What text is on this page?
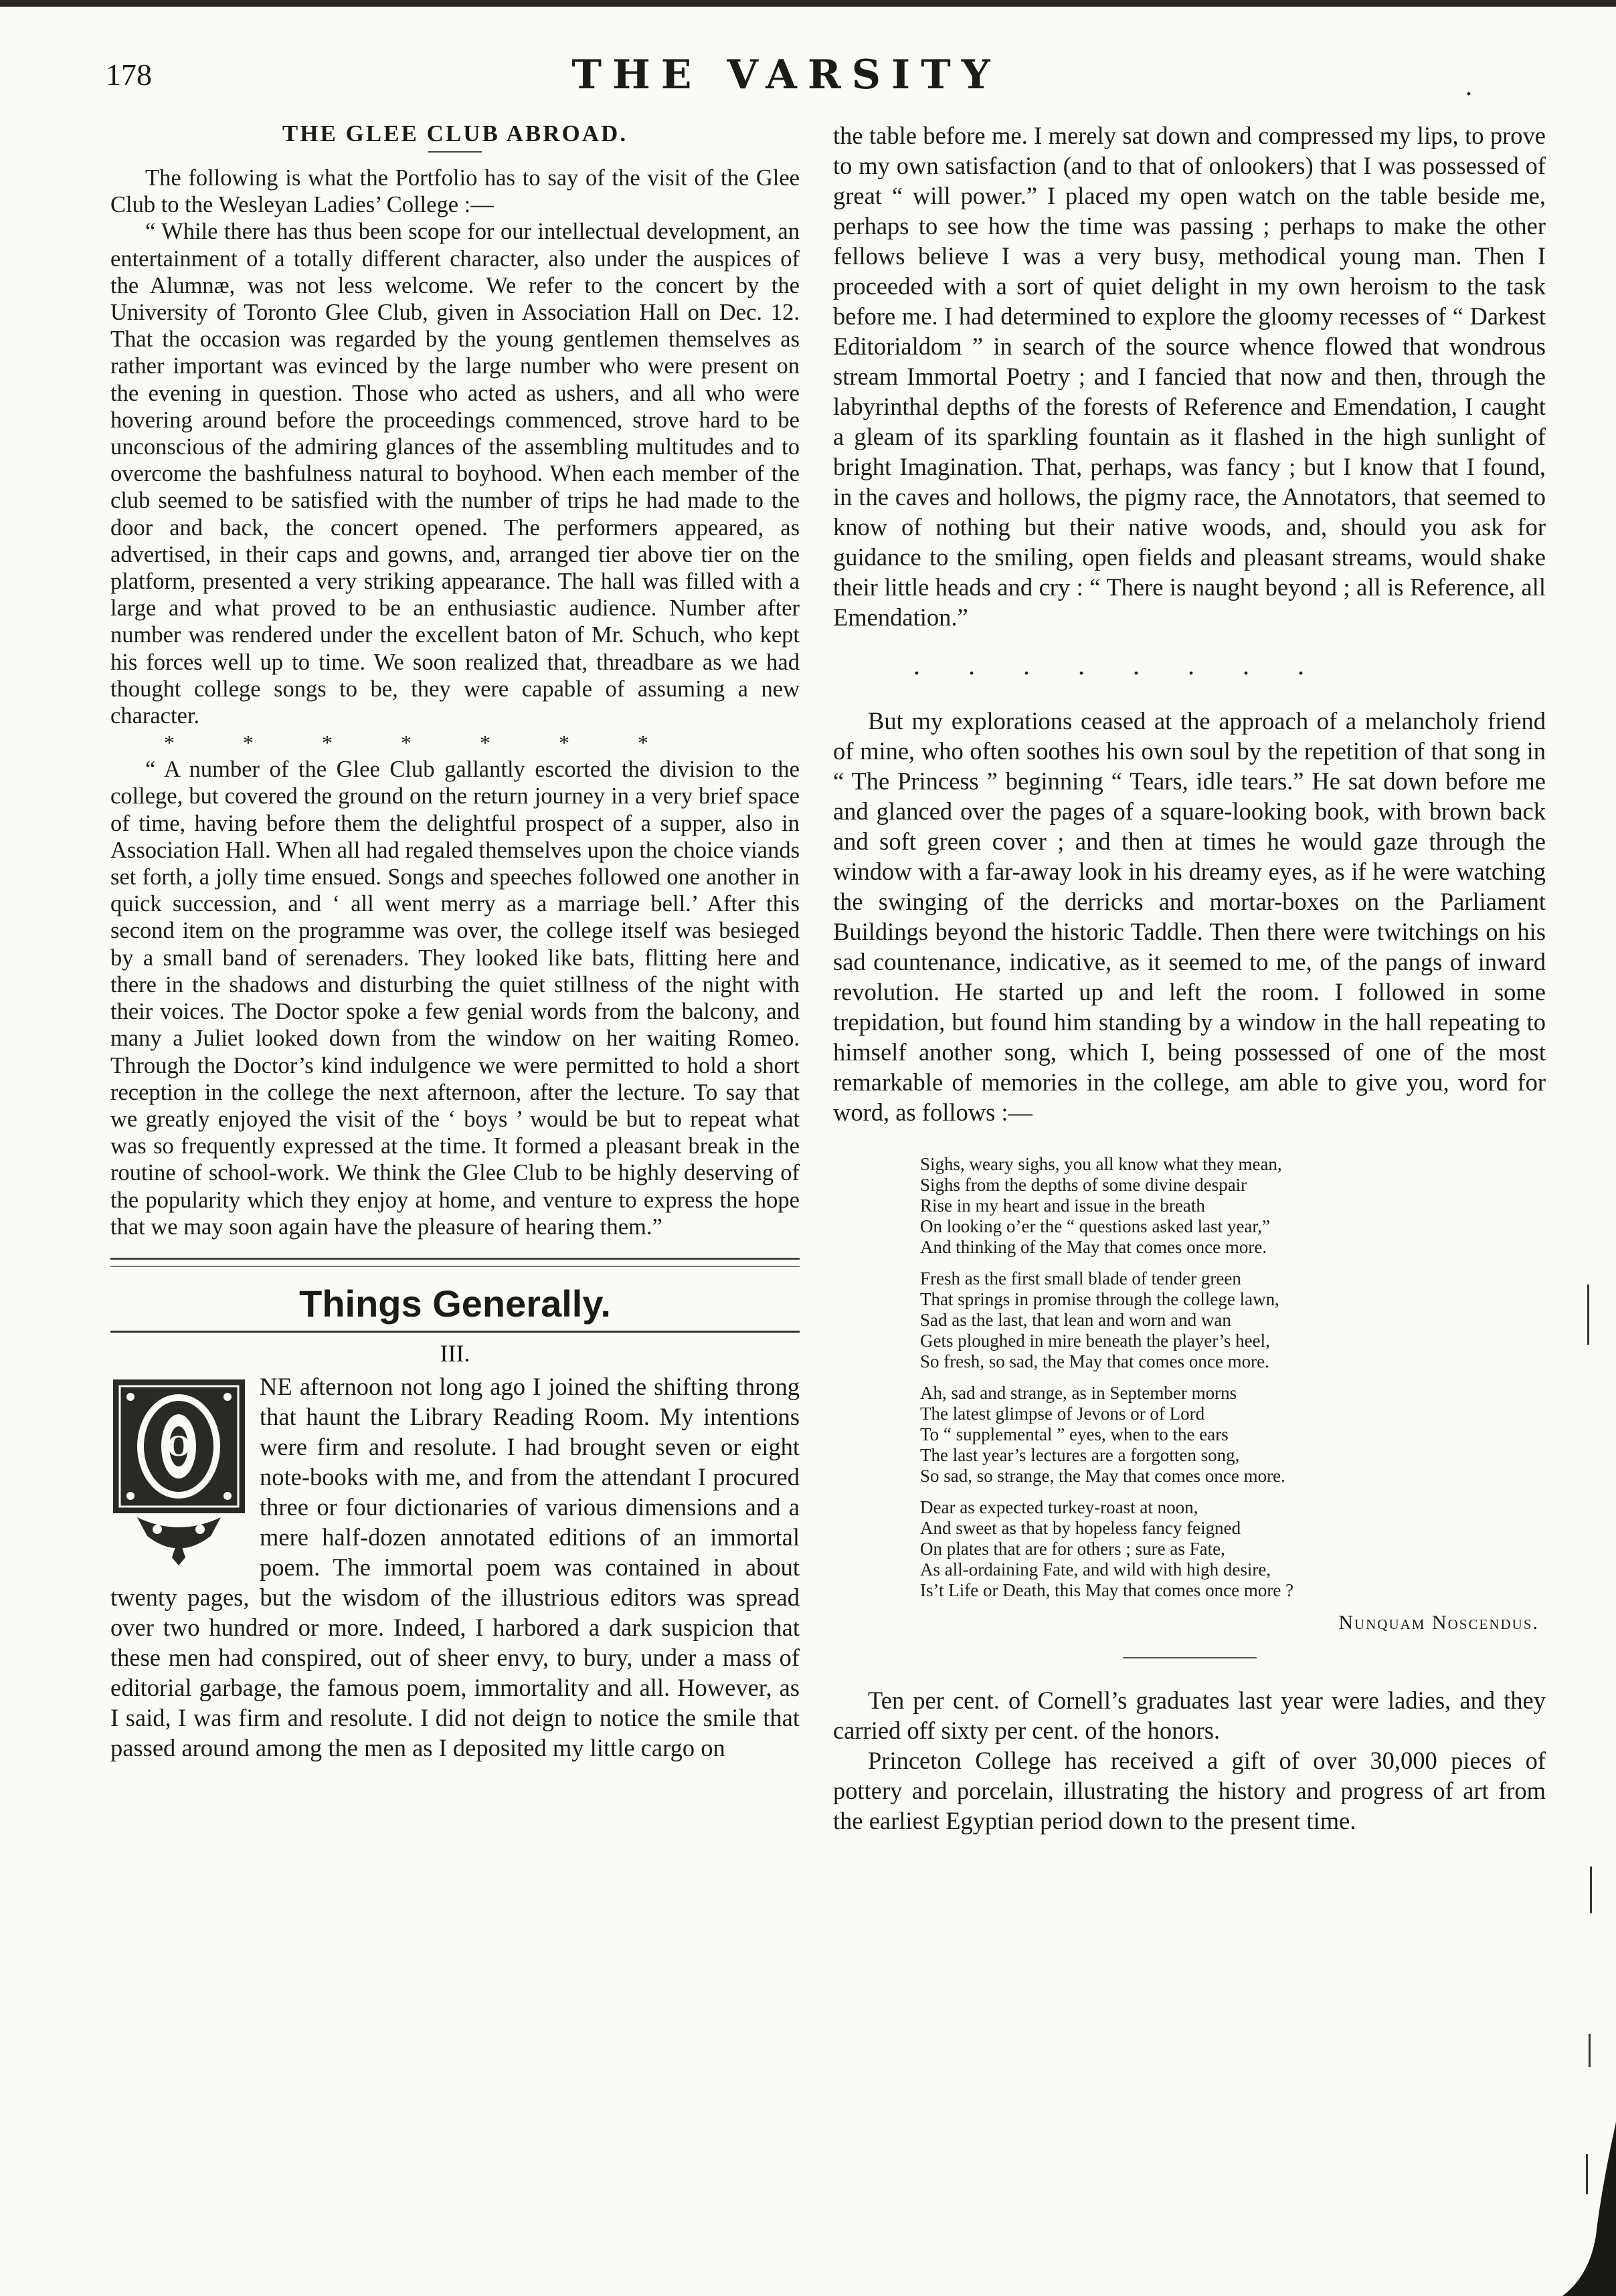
178	THE VARSITY	.
THE GLEE CLUB ABROAD.

The following is what the Portfolio has to say of the visit of the Glee Club to the Wesleyan Ladies’ College :—

“ While there has thus been scope for our intellectual development, an entertainment of a totally different character, also under the auspices of the Alumnæ, was not less welcome. We refer to the concert by the University of Toronto Glee Club, given in Association Hall on Dec. 12. That the occasion was regarded by the young gentlemen themselves as rather important was evinced by the large number who were present on the evening in question. Those who acted as ushers, and all who were hovering around before the proceedings commenced, strove hard to be unconscious of the admiring glances of the assembling multitudes and to overcome the bashfulness natural to boyhood. When each member of the club seemed to be satisfied with the number of trips he had made to the door and back, the concert opened. The performers appeared, as advertised, in their caps and gowns, and, arranged tier above tier on the platform, presented a very striking appearance. The hall was filled with a large and what proved to be an enthusiastic audience. Number after number was rendered under the excellent baton of Mr. Schuch, who kept his forces well up to time. We soon realized that, threadbare as we had thought college songs to be, they were capable of assuming a new character.

* * * * * * *

“ A number of the Glee Club gallantly escorted the division to the college, but covered the ground on the return journey in a very brief space of time, having before them the delightful prospect of a supper, also in Association Hall. When all had regaled themselves upon the choice viands set forth, a jolly time ensued. Songs and speeches followed one another in quick succession, and ‘ all went merry as a marriage bell.’ After this second item on the programme was over, the college itself was besieged by a small band of serenaders. They looked like bats, flitting here and there in the shadows and disturbing the quiet stillness of the night with their voices. The Doctor spoke a few genial words from the balcony, and many a Juliet looked down from the window on her waiting Romeo. Through the Doctor’s kind indulgence we were permitted to hold a short reception in the college the next afternoon, after the lecture. To say that we greatly enjoyed the visit of the ‘ boys ’ would be but to repeat what was so frequently expressed at the time. It formed a pleasant break in the routine of school-work. We think the Glee Club to be highly deserving of the popularity which they enjoy at home, and venture to express the hope that we may soon again have the pleasure of hearing them.”

Things Generally.

III.

O

NE afternoon not long ago I joined the shifting throng that haunt the Library Reading Room. My intentions were firm and resolute. I had brought seven or eight note-books with me, and from the attendant I procured three or four dictionaries of various dimensions and a mere half-dozen annotated editions of an immortal poem. The immortal poem was contained in about twenty pages, but the wisdom of the illustrious editors was spread over two hundred or more. Indeed, I harbored a dark suspicion that these men had conspired, out of sheer envy, to bury, under a mass of editorial garbage, the famous poem, immortality and all. However, as I said, I was firm and resolute. I did not deign to notice the smile that passed around among the men as I deposited my little cargo on

the table before me. I merely sat down and compressed my lips, to prove to my own satisfaction (and to that of onlookers) that I was possessed of great “ will power.” I placed my open watch on the table beside me, perhaps to see how the time was passing ; perhaps to make the other fellows believe I was a very busy, methodical young man. Then I proceeded with a sort of quiet delight in my own heroism to the task before me. I had determined to explore the gloomy recesses of “ Darkest Editorialdom ” in search of the source whence flowed that wondrous stream Immortal Poetry ; and I fancied that now and then, through the labyrinthal depths of the forests of Reference and Emendation, I caught a gleam of its sparkling fountain as it flashed in the high sunlight of bright Imagination. That, perhaps, was fancy ; but I know that I found, in the caves and hollows, the pigmy race, the Annotators, that seemed to know of nothing but their native woods, and, should you ask for guidance to the smiling, open fields and pleasant streams, would shake their little heads and cry : “ There is naught beyond ; all is Reference, all Emendation.”

. . . . . . . .

But my explorations ceased at the approach of a melancholy friend of mine, who often soothes his own soul by the repetition of that song in “ The Princess ” beginning “ Tears, idle tears.” He sat down before me and glanced over the pages of a square-looking book, with brown back and soft green cover ; and then at times he would gaze through the window with a far-away look in his dreamy eyes, as if he were watching the swinging of the derricks and mortar-boxes on the Parliament Buildings beyond the historic Taddle. Then there were twitchings on his sad countenance, indicative, as it seemed to me, of the pangs of inward revolution. He started up and left the room. I followed in some trepidation, but found him standing by a window in the hall repeating to himself another song, which I, being possessed of one of the most remarkable of memories in the college, am able to give you, word for word, as follows :—

Sighs, weary sighs, you all know what they mean,
Sighs from the depths of some divine despair
Rise in my heart and issue in the breath
On looking o’er the “ questions asked last year,”
And thinking of the May that comes once more.

Fresh as the first small blade of tender green
That springs in promise through the college lawn,
Sad as the last, that lean and worn and wan
Gets ploughed in mire beneath the player’s heel,
So fresh, so sad, the May that comes once more.

Ah, sad and strange, as in September morns
The latest glimpse of Jevons or of Lord
To “ supplemental ” eyes, when to the ears
The last year’s lectures are a forgotten song,
So sad, so strange, the May that comes once more.

Dear as expected turkey-roast at noon,
And sweet as that by hopeless fancy feigned
On plates that are for others ; sure as Fate,
As all-ordaining Fate, and wild with high desire,
Is’t Life or Death, this May that comes once more ?

Nunquam Noscendus.

Ten per cent. of Cornell’s graduates last year were ladies, and they carried off sixty per cent. of the honors.

Princeton College has received a gift of over 30,000 pieces of pottery and porcelain, illustrating the history and progress of art from the earliest Egyptian period down to the present time.
